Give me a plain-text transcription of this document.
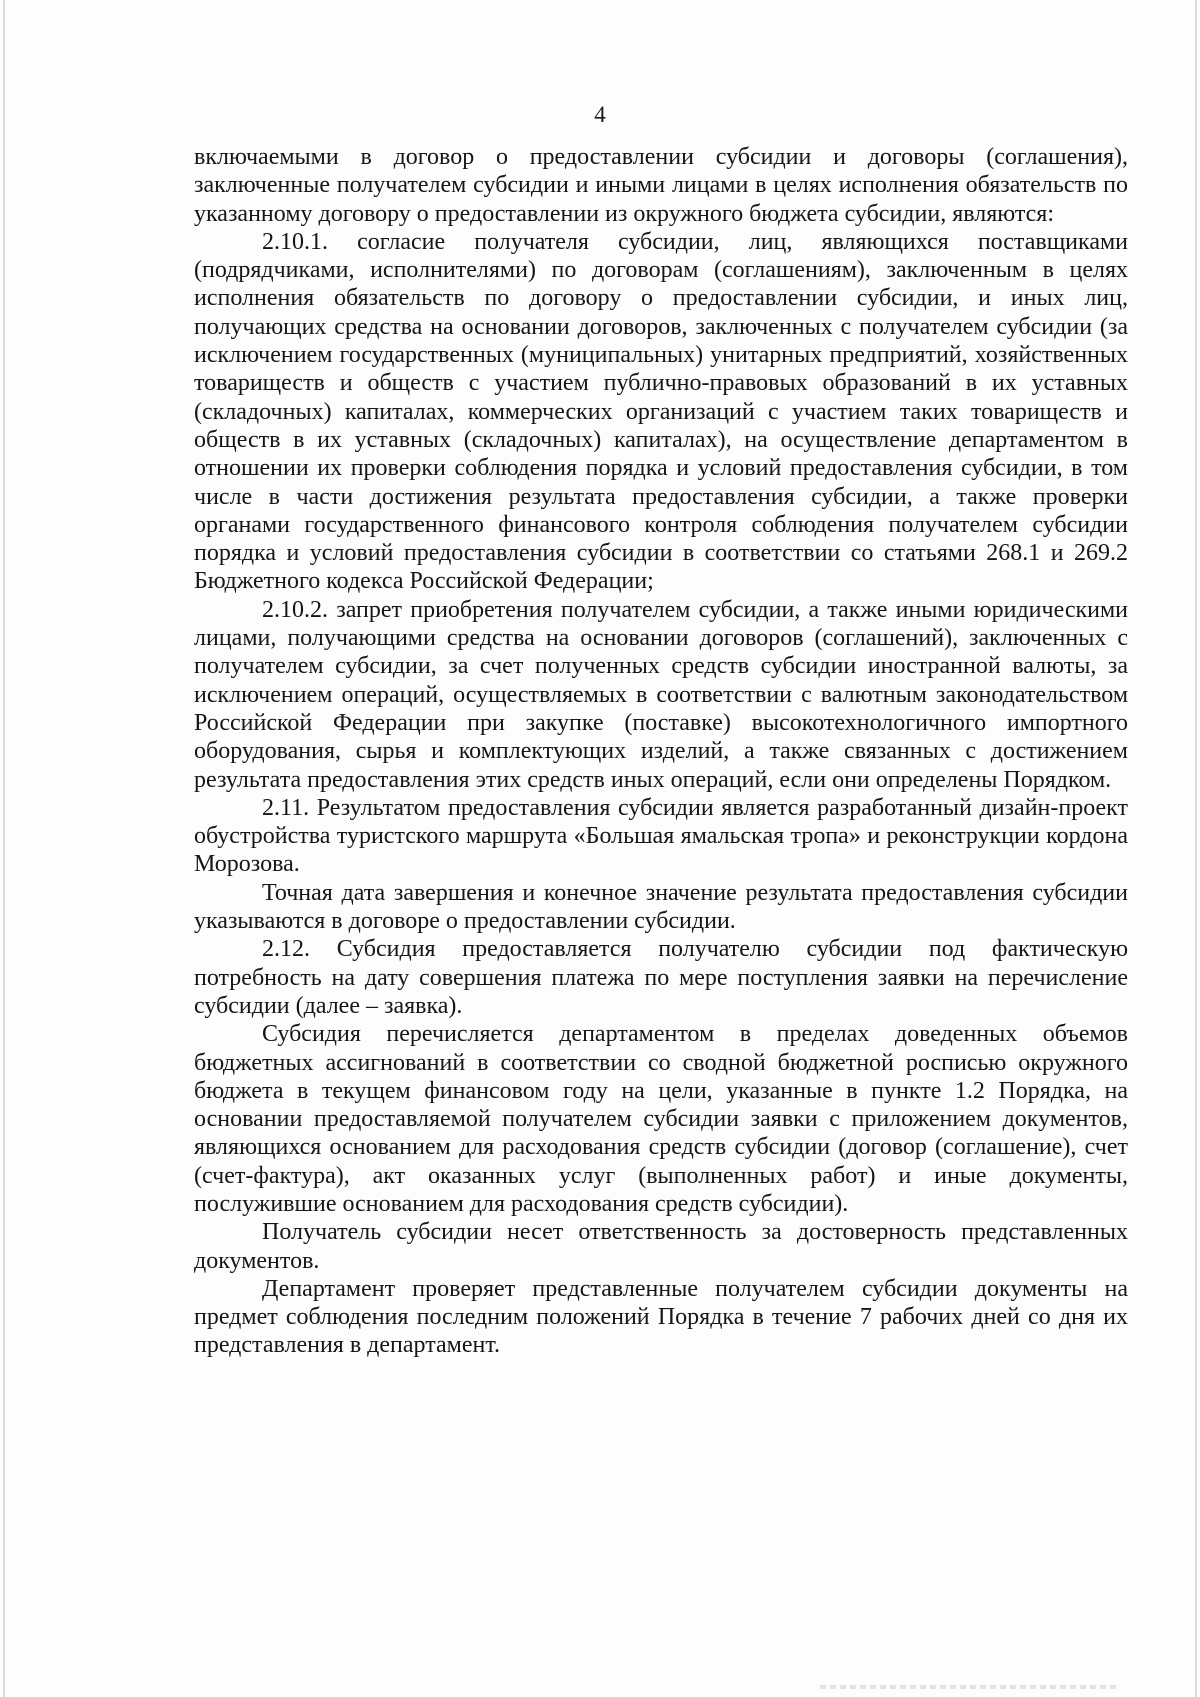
4

включаемыми в договор о предоставлении субсидии и договоры (соглашения), заключенные получателем субсидии и иными лицами в целях исполнения обязательств по указанному договору о предоставлении из окружного бюджета субсидии, являются:

2.10.1. согласие получателя субсидии, лиц, являющихся поставщиками (подрядчиками, исполнителями) по договорам (соглашениям), заключенным в целях исполнения обязательств по договору о предоставлении субсидии, и иных лиц, получающих средства на основании договоров, заключенных с получателем субсидии (за исключением государственных (муниципальных) унитарных предприятий, хозяйственных товариществ и обществ с участием публично-правовых образований в их уставных (складочных) капиталах, коммерческих организаций с участием таких товариществ и обществ в их уставных (складочных) капиталах), на осуществление департаментом в отношении их проверки соблюдения порядка и условий предоставления субсидии, в том числе в части достижения результата предоставления субсидии, а также проверки органами государственного финансового контроля соблюдения получателем субсидии порядка и условий предоставления субсидии в соответствии со статьями 268.1 и 269.2 Бюджетного кодекса Российской Федерации;

2.10.2. запрет приобретения получателем субсидии, а также иными юридическими лицами, получающими средства на основании договоров (соглашений), заключенных с получателем субсидии, за счет полученных средств субсидии иностранной валюты, за исключением операций, осуществляемых в соответствии с валютным законодательством Российской Федерации при закупке (поставке) высокотехнологичного импортного оборудования, сырья и комплектующих изделий, а также связанных с достижением результата предоставления этих средств иных операций, если они определены Порядком.

2.11. Результатом предоставления субсидии является разработанный дизайн-проект обустройства туристского маршрута «Большая ямальская тропа» и реконструкции кордона Морозова.

Точная дата завершения и конечное значение результата предоставления субсидии указываются в договоре о предоставлении субсидии.

2.12. Субсидия предоставляется получателю субсидии под фактическую потребность на дату совершения платежа по мере поступления заявки на перечисление субсидии (далее – заявка).

Субсидия перечисляется департаментом в пределах доведенных объемов бюджетных ассигнований в соответствии со сводной бюджетной росписью окружного бюджета в текущем финансовом году на цели, указанные в пункте 1.2 Порядка, на основании предоставляемой получателем субсидии заявки с приложением документов, являющихся основанием для расходования средств субсидии (договор (соглашение), счет (счет-фактура), акт оказанных услуг (выполненных работ) и иные документы, послужившие основанием для расходования средств субсидии).

Получатель субсидии несет ответственность за достоверность представленных документов.

Департамент проверяет представленные получателем субсидии документы на предмет соблюдения последним положений Порядка в течение 7 рабочих дней со дня их представления в департамент.
